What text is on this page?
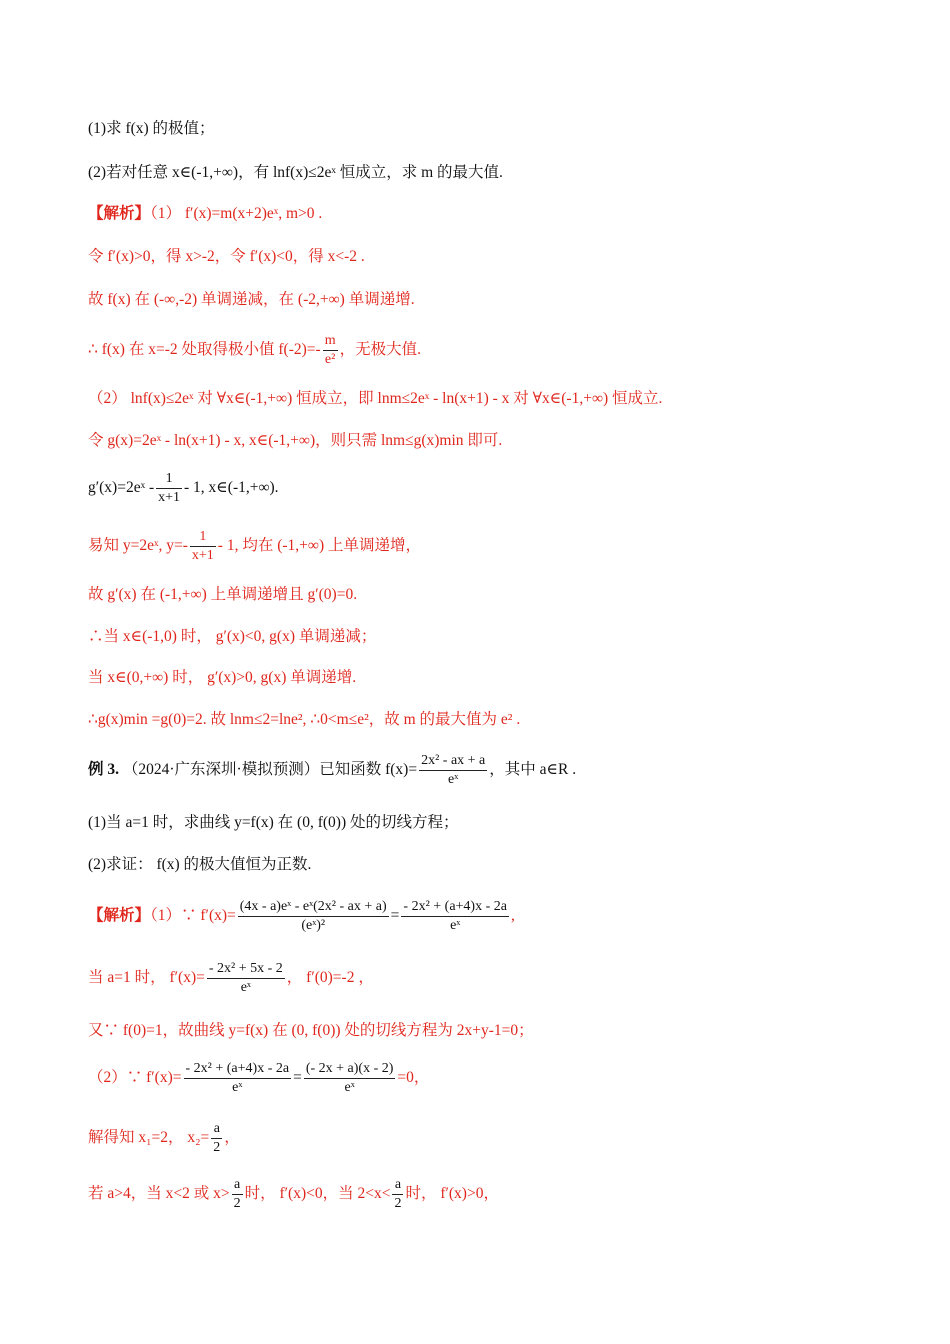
(1)求 f(x) 的极值；
(2)若对任意 x∈(-1,+∞)，有 lnf(x)≤2eˣ 恒成立，求 m 的最大值.
【解析】（1） f′(x)=m(x+2)eˣ, m>0 .
令 f′(x)>0，得 x>-2，令 f′(x)<0，得 x<-2 .
故 f(x) 在 (-∞,-2) 单调递减，在 (-2,+∞) 单调递增.
∴ f(x) 在 x=-2 处取得极小值 $f(-2)=- \frac{m}{\text{e²}}$ ，无极大值.
（2） lnf(x)≤2eˣ 对 ∀x∈(-1,+∞) 恒成立，即 lnm≤2eˣ - ln(x+1) - x 对 ∀x∈(-1,+∞) 恒成立.
令 g(x)=2eˣ - ln(x+1) - x, x∈(-1,+∞)，则只需 lnm≤g(x)min 即可.
g′(x)=2eˣ - $\frac{1}{x+1} - 1$, x∈(-1,+∞).
易知 y=2eˣ, $y=- \frac{1}{x+1} - 1$, 均在 (-1,+∞) 上单调递增，
故 g′(x) 在 (-1,+∞) 上单调递增且 g′(0)=0.
∴当 x∈(-1,0) 时， g′(x)<0, g(x) 单调递减；
当 x∈(0,+∞) 时， g′(x)>0, g(x) 单调递增.
∴g(x)min =g(0)=2. 故 lnm≤2=lne², ∴0<m≤e²，故 m 的最大值为 e² .
例 3. （2024·广东深圳·模拟预测）已知函数 $f(x)= \frac{\text{2x² - ax + a}}{\text{eˣ}}$ ，其中 a∈R .
(1)当 a=1 时，求曲线 y=f(x) 在 (0, f(0)) 处的切线方程；
(2)求证： f(x) 的极大值恒为正数.
【解析】（1）∵ $f'(x)= \frac{\text{(4x - a)eˣ - eˣ(2x² - ax + a)}}{\text{(eˣ)²}} = \frac{\text{- 2x² + (a+4)x - 2a}}{\text{eˣ}}$ ,
当 a=1 时， $f'(x)= \frac{\text{- 2x² + 5x - 2}}{\text{eˣ}}$ ， f′(0)=-2 ，
又∵ f(0)=1，故曲线 y=f(x) 在 (0, f(0)) 处的切线方程为 2x+y-1=0；
（2）∵ $f'(x)= \frac{\text{- 2x² + (a+4)x - 2a}}{\text{eˣ}} = \frac{(- 2x + a)(x - 2)}{\text{eˣ}} =0$，
解得知 x₁=2， $x_2= \frac{a}{2}$ ，
若 a>4，当 x<2 或 $x> \frac{a}{2}$ 时， f′(x)<0，当 $2<x< \frac{a}{2}$ 时， f′(x)>0，
